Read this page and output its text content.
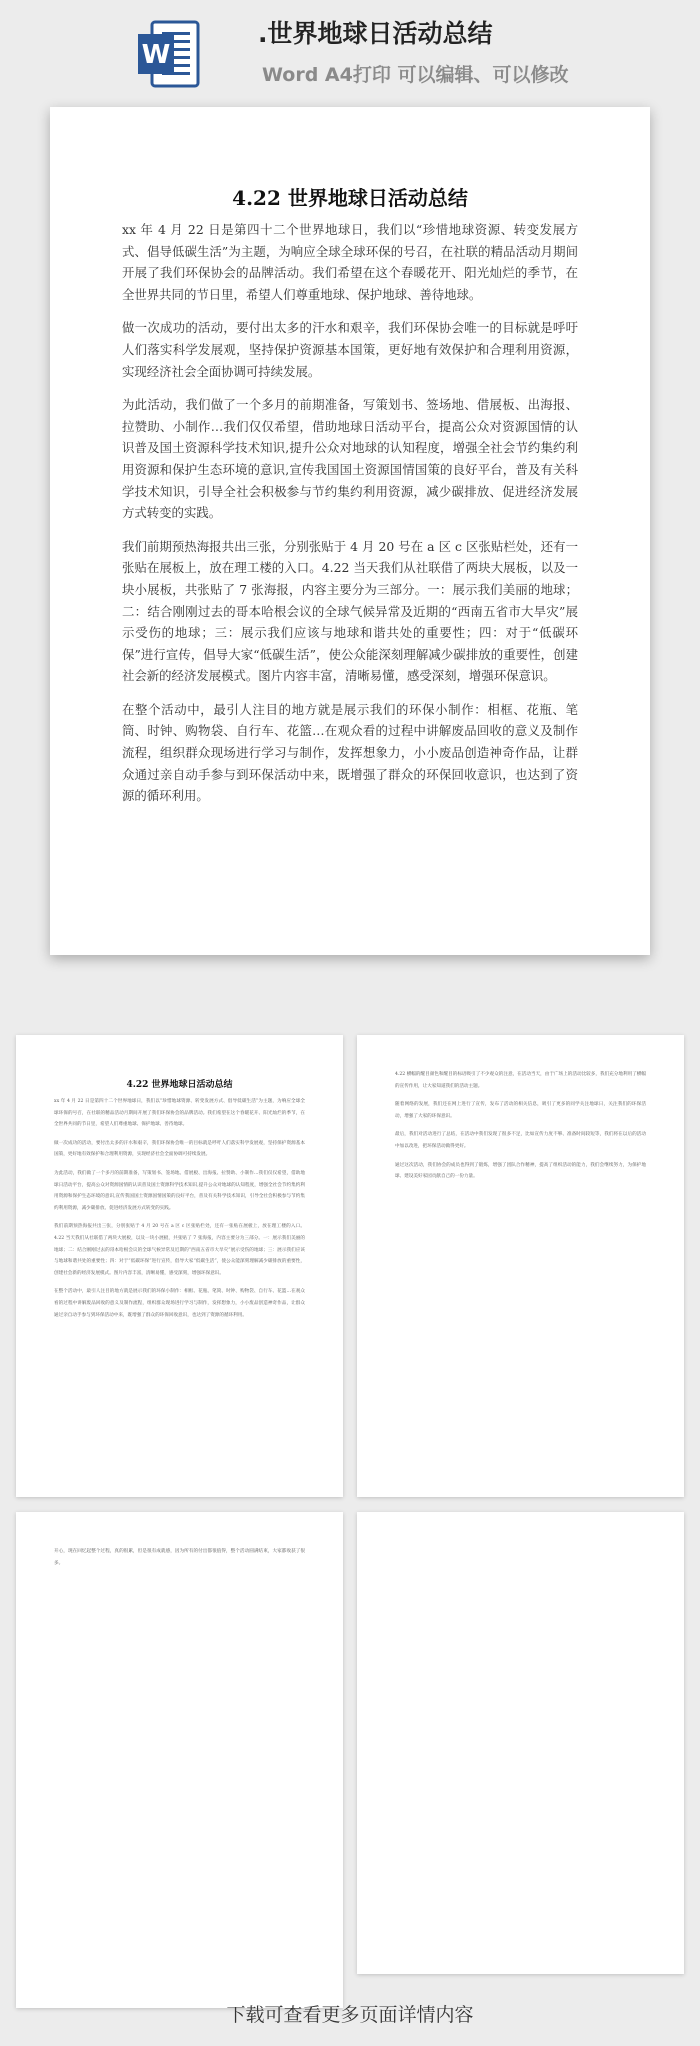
W
.世界地球日活动总结
Word A4打印 可以编辑、可以修改
4.22 世界地球日活动总结

xx 年 4 月 22 日是第四十二个世界地球日，我们以“珍惜地球资源、转变发展方式、倡导低碳生活”为主题，为响应全球全球环保的号召，在社联的精品活动月期间开展了我们环保协会的品牌活动。我们希望在这个春暖花开、阳光灿烂的季节，在全世界共同的节日里，希望人们尊重地球、保护地球、善待地球。

做一次成功的活动，要付出太多的汗水和艰辛，我们环保协会唯一的目标就是呼吁人们落实科学发展观，坚持保护资源基本国策，更好地有效保护和合理利用资源，实现经济社会全面协调可持续发展。

为此活动，我们做了一个多月的前期准备，写策划书、签场地、借展板、出海报、拉赞助、小制作…我们仅仅希望，借助地球日活动平台，提高公众对资源国情的认识普及国土资源科学技术知识,提升公众对地球的认知程度，增强全社会节约集约利用资源和保护生态环境的意识,宣传我国国土资源国情国策的良好平台，普及有关科学技术知识，引导全社会积极参与节约集约利用资源，减少碳排放、促进经济发展方式转变的实践。

我们前期预热海报共出三张，分别张贴于 4 月 20 号在 a 区 c 区张贴栏处，还有一张贴在展板上，放在理工楼的入口。4.22 当天我们从社联借了两块大展板，以及一块小展板，共张贴了 7 张海报，内容主要分为三部分。一：展示我们美丽的地球；二：结合刚刚过去的哥本哈根会议的全球气候异常及近期的“西南五省市大旱灾”展示受伤的地球；三：展示我们应该与地球和谐共处的重要性；四：对于“低碳环保”进行宣传，倡导大家“低碳生活”，使公众能深刻理解减少碳排放的重要性，创建社会新的经济发展模式。图片内容丰富，清晰易懂，感受深刻，增强环保意识。

在整个活动中，最引人注目的地方就是展示我们的环保小制作：相框、花瓶、笔筒、时钟、购物袋、自行车、花篮…在观众看的过程中讲解废品回收的意义及制作流程，组织群众现场进行学习与制作，发挥想象力，小小废品创造神奇作品，让群众通过亲自动手参与到环保活动中来，既增强了群众的环保回收意识，也达到了资源的循环利用。

4.22 世界地球日活动总结

xx 年 4 月 22 日是第四十二个世界地球日，我们以“珍惜地球资源、转变发展方式、倡导低碳生活”为主题，为响应全球全球环保的号召，在社联的精品活动月期间开展了我们环保协会的品牌活动。我们希望在这个春暖花开、阳光灿烂的季节，在全世界共同的节日里，希望人们尊重地球、保护地球、善待地球。

做一次成功的活动，要付出太多的汗水和艰辛，我们环保协会唯一的目标就是呼吁人们落实科学发展观，坚持保护资源基本国策，更好地有效保护和合理利用资源，实现经济社会全面协调可持续发展。

为此活动，我们做了一个多月的前期准备，写策划书、签场地、借展板、出海报、拉赞助、小制作…我们仅仅希望，借助地球日活动平台，提高公众对资源国情的认识普及国土资源科学技术知识,提升公众对地球的认知程度，增强全社会节约集约利用资源和保护生态环境的意识,宣传我国国土资源国情国策的良好平台，普及有关科学技术知识，引导全社会积极参与节约集约利用资源，减少碳排放、促进经济发展方式转变的实践。

我们前期预热海报共出三张，分别张贴于 4 月 20 号在 a 区 c 区张贴栏处，还有一张贴在展板上，放在理工楼的入口。4.22 当天我们从社联借了两块大展板，以及一块小展板，共张贴了 7 张海报，内容主要分为三部分。一：展示我们美丽的地球；二：结合刚刚过去的哥本哈根会议的全球气候异常及近期的“西南五省市大旱灾”展示受伤的地球；三：展示我们应该与地球和谐共处的重要性；四：对于“低碳环保”进行宣传，倡导大家“低碳生活”，使公众能深刻理解减少碳排放的重要性，创建社会新的经济发展模式。图片内容丰富，清晰易懂，感受深刻，增强环保意识。

在整个活动中，最引人注目的地方就是展示我们的环保小制作：相框、花瓶、笔筒、时钟、购物袋、自行车、花篮…在观众看的过程中讲解废品回收的意义及制作流程，组织群众现场进行学习与制作，发挥想象力，小小废品创造神奇作品，让群众通过亲自动手参与到环保活动中来，既增强了群众的环保回收意识，也达到了资源的循环利用。

4.22 横幅的醒目颜色和醒目的标语吸引了不少观众的注意，在活动当天，由于广场上的活动比较多，我们充分地利用了横幅的宣传作用，让大家知道我们的活动主题。

随着网络的发展，我们还在网上进行了宣传，发布了活动的相关信息，吸引了更多的同学关注地球日，关注我们的环保活动，增强了大家的环保意识。

最后，我们对活动进行了总结，在活动中我们发现了很多不足，比如宣传力度不够、准备时间较短等，我们将在以后的活动中加以改进，把环保活动做得更好。

通过这次活动，我们协会的成员也得到了锻炼，增强了团队合作精神，提高了组织活动的能力，我们会继续努力，为保护地球、建设美好家园贡献自己的一份力量。

开心，现在回忆起整个过程，真的很累，但是很有成就感，因为所有的付出都很值得，整个活动圆满结束，大家都收获了很多。

下载可查看更多页面详情内容
